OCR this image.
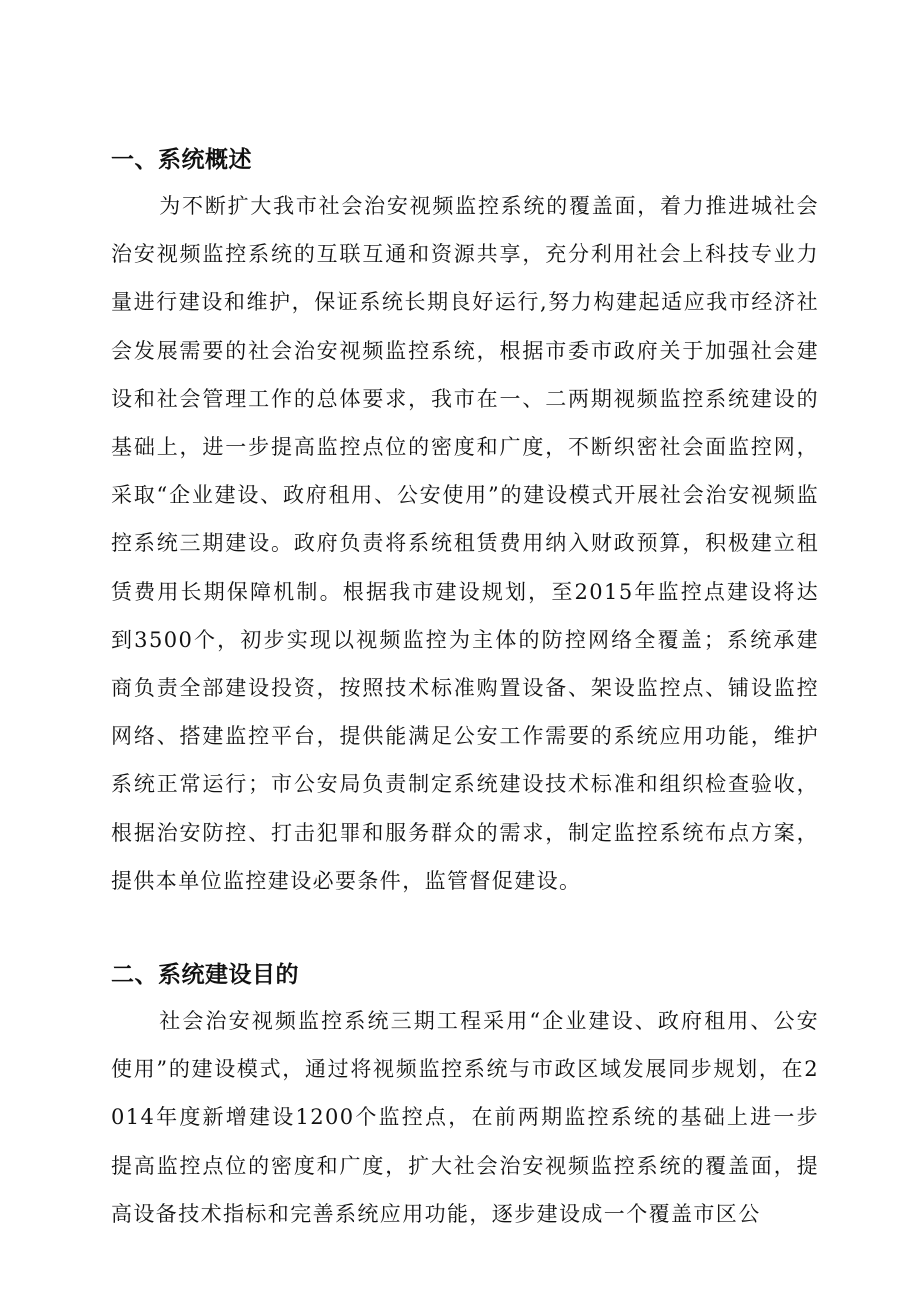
一、系统概述

为不断扩大我市社会治安视频监控系统的覆盖面，着力推进城社会治安视频监控系统的互联互通和资源共享，充分利用社会上科技专业力量进行建设和维护，保证系统长期良好运行,努力构建起适应我市经济社会发展需要的社会治安视频监控系统，根据市委市政府关于加强社会建设和社会管理工作的总体要求，我市在一、二两期视频监控系统建设的基础上，进一步提高监控点位的密度和广度，不断织密社会面监控网，采取“企业建设、政府租用、公安使用”的建设模式开展社会治安视频监控系统三期建设。政府负责将系统租赁费用纳入财政预算，积极建立租赁费用长期保障机制。根据我市建设规划，至2015年监控点建设将达到3500个，初步实现以视频监控为主体的防控网络全覆盖；系统承建商负责全部建设投资，按照技术标准购置设备、架设监控点、铺设监控网络、搭建监控平台，提供能满足公安工作需要的系统应用功能，维护系统正常运行；市公安局负责制定系统建设技术标准和组织检查验收，根据治安防控、打击犯罪和服务群众的需求，制定监控系统布点方案，提供本单位监控建设必要条件，监管督促建设。

二、系统建设目的

社会治安视频监控系统三期工程采用“企业建设、政府租用、公安使用”的建设模式，通过将视频监控系统与市政区域发展同步规划，在2014年度新增建设1200个监控点，在前两期监控系统的基础上进一步提高监控点位的密度和广度，扩大社会治安视频监控系统的覆盖面，提高设备技术指标和完善系统应用功能，逐步建设成一个覆盖市区公
